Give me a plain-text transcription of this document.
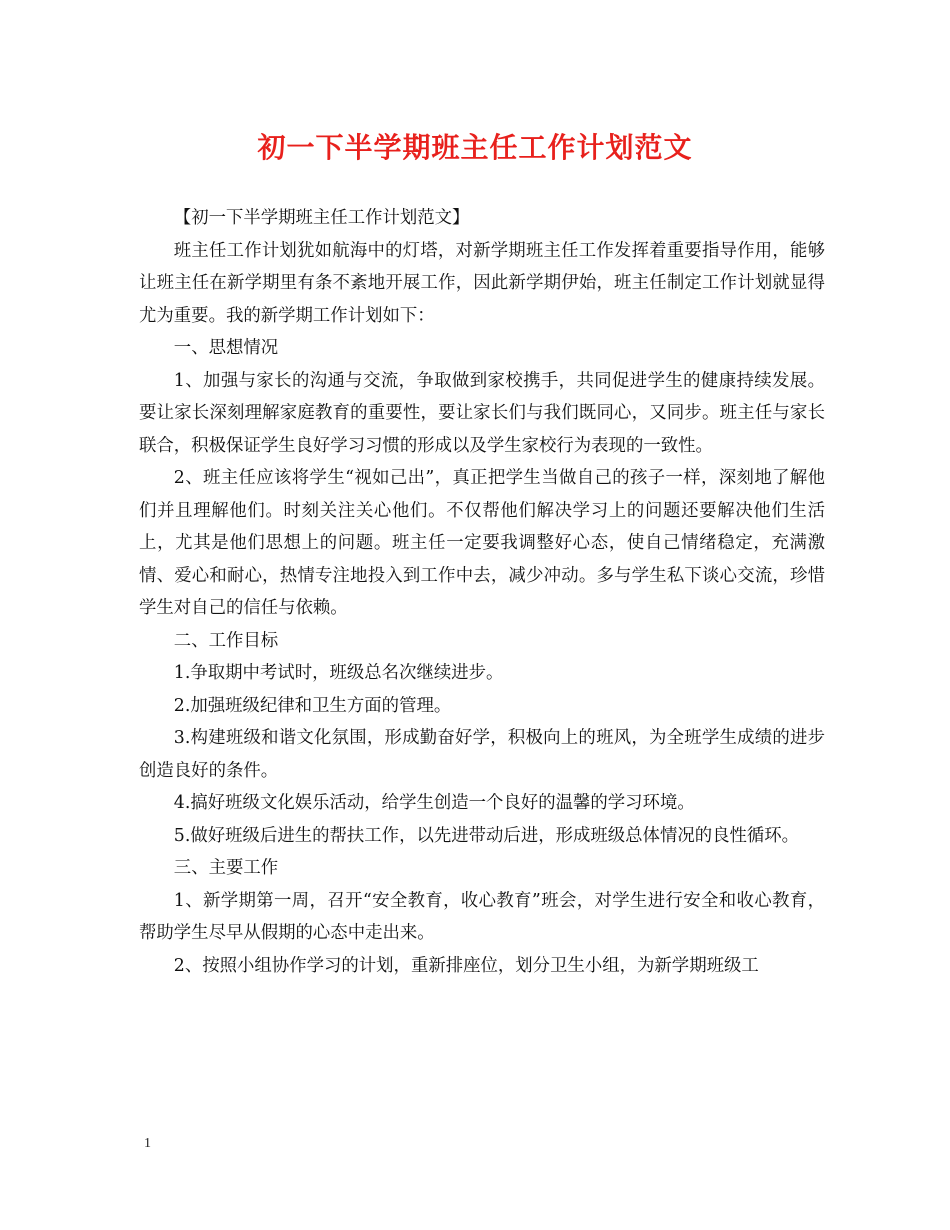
初一下半学期班主任工作计划范文

【初一下半学期班主任工作计划范文】

班主任工作计划犹如航海中的灯塔，对新学期班主任工作发挥着重要指导作用，能够让班主任在新学期里有条不紊地开展工作，因此新学期伊始，班主任制定工作计划就显得尤为重要。我的新学期工作计划如下：

一、思想情况

1、加强与家长的沟通与交流，争取做到家校携手，共同促进学生的健康持续发展。要让家长深刻理解家庭教育的重要性，要让家长们与我们既同心，又同步。班主任与家长联合，积极保证学生良好学习习惯的形成以及学生家校行为表现的一致性。

2、班主任应该将学生“视如己出”，真正把学生当做自己的孩子一样，深刻地了解他们并且理解他们。时刻关注关心他们。不仅帮他们解决学习上的问题还要解决他们生活上，尤其是他们思想上的问题。班主任一定要我调整好心态，使自己情绪稳定，充满激情、爱心和耐心，热情专注地投入到工作中去，减少冲动。多与学生私下谈心交流，珍惜学生对自己的信任与依赖。

二、工作目标

1.争取期中考试时，班级总名次继续进步。

2.加强班级纪律和卫生方面的管理。

3.构建班级和谐文化氛围，形成勤奋好学，积极向上的班风，为全班学生成绩的进步创造良好的条件。

4.搞好班级文化娱乐活动，给学生创造一个良好的温馨的学习环境。

5.做好班级后进生的帮扶工作，以先进带动后进，形成班级总体情况的良性循环。

三、主要工作

1、新学期第一周，召开“安全教育，收心教育”班会，对学生进行安全和收心教育，帮助学生尽早从假期的心态中走出来。

2、按照小组协作学习的计划，重新排座位，划分卫生小组，为新学期班级工

1
